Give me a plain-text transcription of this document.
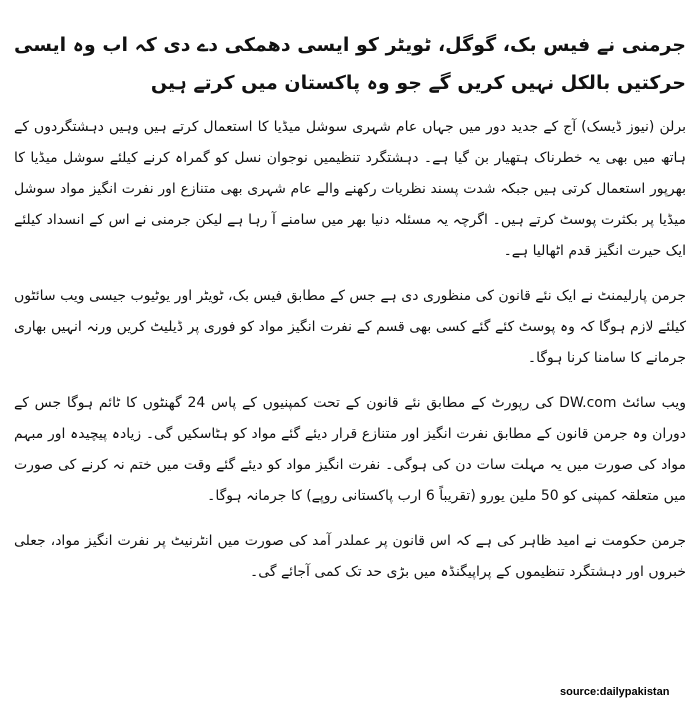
جرمنی نے فیس بک، گوگل، ٹویٹر کو ایسی دھمکی دے دی کہ اب وہ ایسی حرکتیں بالکل نہیں کریں گے جو وہ پاکستان میں کرتے ہیں

برلن (نیوز ڈیسک) آج کے جدید دور میں جہاں عام شہری سوشل میڈیا کا استعمال کرتے ہیں وہیں دہشتگردوں کے ہاتھ میں بھی یہ خطرناک ہتھیار بن گیا ہے۔ دہشتگرد تنظیمیں نوجوان نسل کو گمراہ کرنے کیلئے سوشل میڈیا کا بھرپور استعمال کرتی ہیں جبکہ شدت پسند نظریات رکھنے والے عام شہری بھی متنازع اور نفرت انگیز مواد سوشل میڈیا پر بکثرت پوسٹ کرتے ہیں۔ اگرچہ یہ مسئلہ دنیا بھر میں سامنے آ رہا ہے لیکن جرمنی نے اس کے انسداد کیلئے ایک حیرت انگیز قدم اٹھالیا ہے۔

جرمن پارلیمنٹ نے ایک نئے قانون کی منظوری دی ہے جس کے مطابق فیس بک، ٹویٹر اور یوٹیوب جیسی ویب سائٹوں کیلئے لازم ہوگا کہ وہ پوسٹ کئے گئے کسی بھی قسم کے نفرت انگیز مواد کو فوری پر ڈیلیٹ کریں ورنہ انہیں بھاری جرمانے کا سامنا کرنا ہوگا۔

ویب سائٹ DW.com کی رپورٹ کے مطابق نئے قانون کے تحت کمپنیوں کے پاس 24 گھنٹوں کا ٹائم ہوگا جس کے دوران وہ جرمن قانون کے مطابق نفرت انگیز اور متنازع قرار دیئے گئے مواد کو ہٹاسکیں گی۔ زیادہ پیچیدہ اور مبہم مواد کی صورت میں یہ مہلت سات دن کی ہوگی۔ نفرت انگیز مواد کو دیئے گئے وقت میں ختم نہ کرنے کی صورت میں متعلقہ کمپنی کو 50 ملین یورو (تقریباً 6 ارب پاکستانی روپے) کا جرمانہ ہوگا۔

جرمن حکومت نے امید ظاہر کی ہے کہ اس قانون پر عملدر آمد کی صورت میں انٹرنیٹ پر نفرت انگیز مواد، جعلی خبروں اور دہشتگرد تنظیموں کے پراپیگنڈہ میں بڑی حد تک کمی آجائے گی۔

source:dailypakistan
